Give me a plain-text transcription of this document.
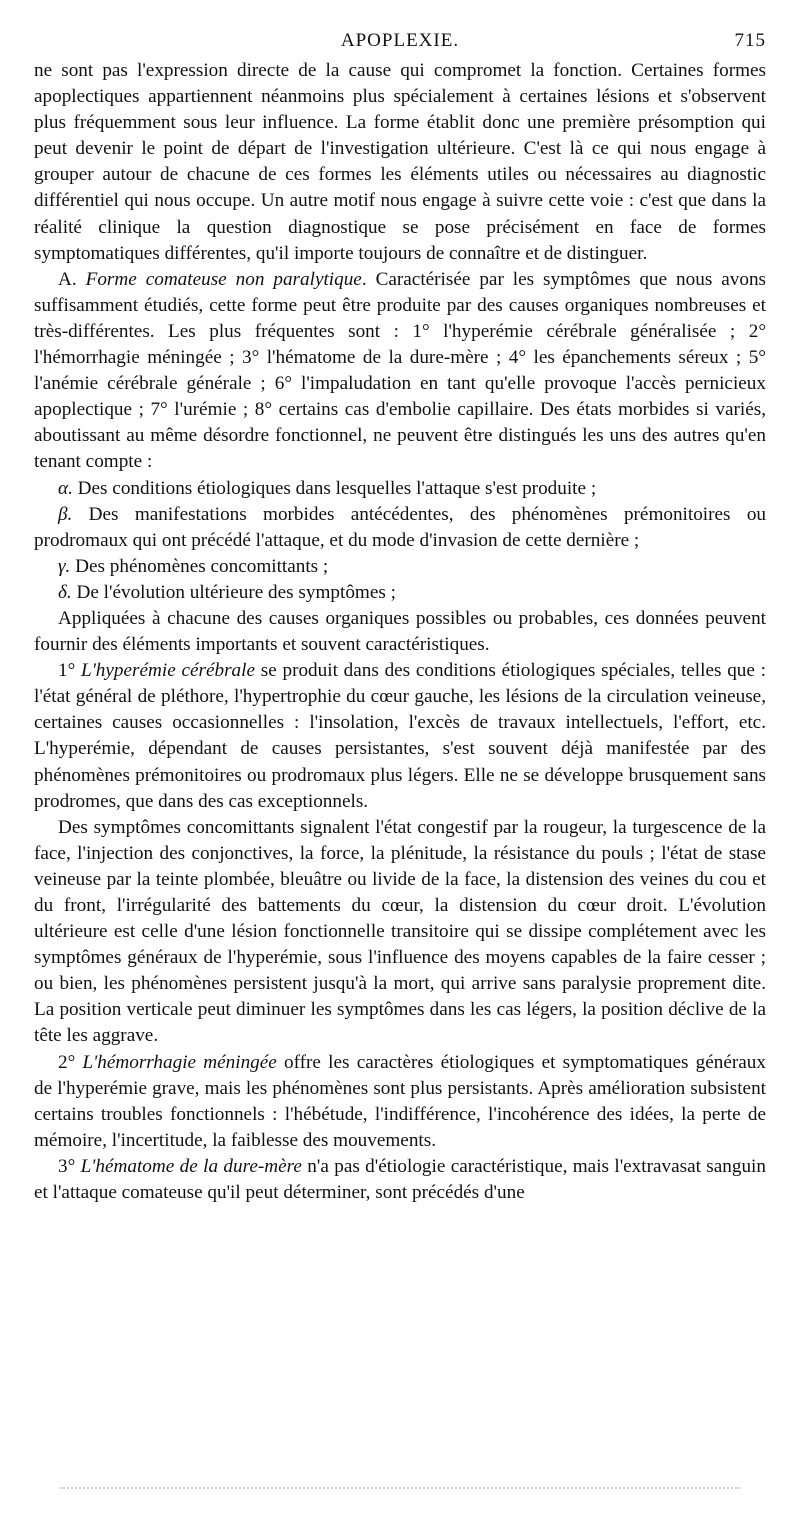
APOPLEXIE.	715

ne sont pas l'expression directe de la cause qui compromet la fonction. Certaines formes apoplectiques appartiennent néanmoins plus spécialement à certaines lésions et s'observent plus fréquemment sous leur influence. La forme établit donc une première présomption qui peut devenir le point de départ de l'investigation ultérieure. C'est là ce qui nous engage à grouper autour de chacune de ces formes les éléments utiles ou nécessaires au diagnostic différentiel qui nous occupe. Un autre motif nous engage à suivre cette voie : c'est que dans la réalité clinique la question diagnostique se pose précisément en face de formes symptomatiques différentes, qu'il importe toujours de connaître et de distinguer.

A. Forme comateuse non paralytique. Caractérisée par les symptômes que nous avons suffisamment étudiés, cette forme peut être produite par des causes organiques nombreuses et très-différentes. Les plus fréquentes sont : 1° l'hyperémie cérébrale généralisée ; 2° l'hémorrhagie méningée ; 3° l'hématome de la dure-mère ; 4° les épanchements séreux ; 5° l'anémie cérébrale générale ; 6° l'impaludation en tant qu'elle provoque l'accès pernicieux apoplectique ; 7° l'urémie ; 8° certains cas d'embolie capillaire. Des états morbides si variés, aboutissant au même désordre fonctionnel, ne peuvent être distingués les uns des autres qu'en tenant compte :

α. Des conditions étiologiques dans lesquelles l'attaque s'est produite ;

β. Des manifestations morbides antécédentes, des phénomènes prémonitoires ou prodromaux qui ont précédé l'attaque, et du mode d'invasion de cette dernière ;

γ. Des phénomènes concomittants ;

δ. De l'évolution ultérieure des symptômes ;

Appliquées à chacune des causes organiques possibles ou probables, ces données peuvent fournir des éléments importants et souvent caractéristiques.

1° L'hyperémie cérébrale se produit dans des conditions étiologiques spéciales, telles que : l'état général de pléthore, l'hypertrophie du cœur gauche, les lésions de la circulation veineuse, certaines causes occasionnelles : l'insolation, l'excès de travaux intellectuels, l'effort, etc. L'hyperémie, dépendant de causes persistantes, s'est souvent déjà manifestée par des phénomènes prémonitoires ou prodromaux plus légers. Elle ne se développe brusquement sans prodromes, que dans des cas exceptionnels.

Des symptômes concomittants signalent l'état congestif par la rougeur, la turgescence de la face, l'injection des conjonctives, la force, la plénitude, la résistance du pouls ; l'état de stase veineuse par la teinte plombée, bleuâtre ou livide de la face, la distension des veines du cou et du front, l'irrégularité des battements du cœur, la distension du cœur droit. L'évolution ultérieure est celle d'une lésion fonctionnelle transitoire qui se dissipe complétement avec les symptômes généraux de l'hyperémie, sous l'influence des moyens capables de la faire cesser ; ou bien, les phénomènes persistent jusqu'à la mort, qui arrive sans paralysie proprement dite. La position verticale peut diminuer les symptômes dans les cas légers, la position déclive de la tête les aggrave.

2° L'hémorrhagie méningée offre les caractères étiologiques et symptomatiques généraux de l'hyperémie grave, mais les phénomènes sont plus persistants. Après amélioration subsistent certains troubles fonctionnels : l'hébétude, l'indifférence, l'incohérence des idées, la perte de mémoire, l'incertitude, la faiblesse des mouvements.

3° L'hématome de la dure-mère n'a pas d'étiologie caractéristique, mais l'extravasat sanguin et l'attaque comateuse qu'il peut déterminer, sont précédés d'une
